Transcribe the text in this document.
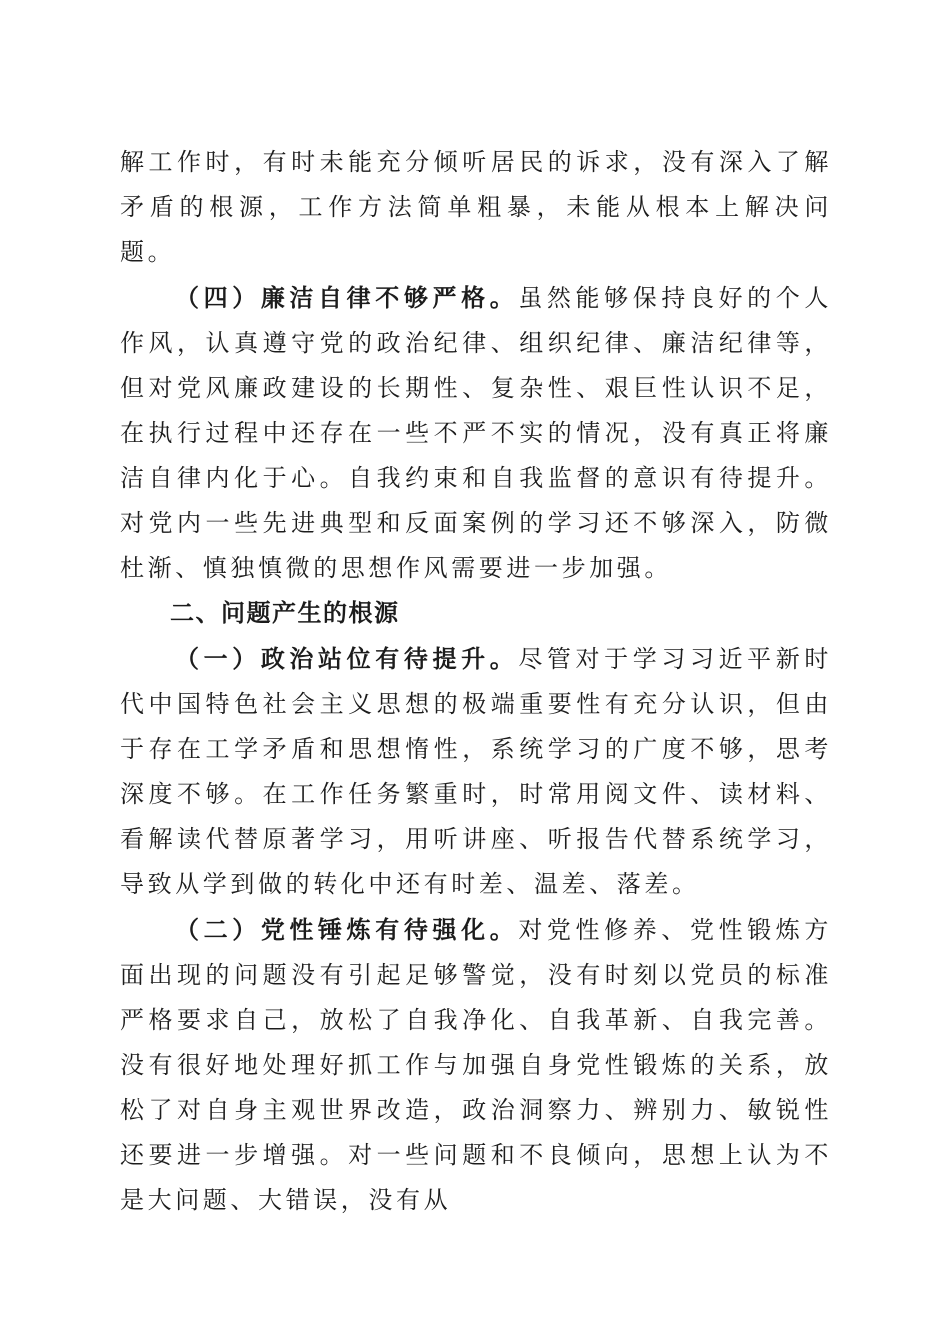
解工作时，有时未能充分倾听居民的诉求，没有深入了解矛盾的根源，工作方法简单粗暴，未能从根本上解决问题。

（四）廉洁自律不够严格。虽然能够保持良好的个人作风，认真遵守党的政治纪律、组织纪律、廉洁纪律等，但对党风廉政建设的长期性、复杂性、艰巨性认识不足，在执行过程中还存在一些不严不实的情况，没有真正将廉洁自律内化于心。自我约束和自我监督的意识有待提升。对党内一些先进典型和反面案例的学习还不够深入，防微杜渐、慎独慎微的思想作风需要进一步加强。

二、问题产生的根源

（一）政治站位有待提升。尽管对于学习习近平新时代中国特色社会主义思想的极端重要性有充分认识，但由于存在工学矛盾和思想惰性，系统学习的广度不够，思考深度不够。在工作任务繁重时，时常用阅文件、读材料、看解读代替原著学习，用听讲座、听报告代替系统学习，导致从学到做的转化中还有时差、温差、落差。

（二）党性锤炼有待强化。对党性修养、党性锻炼方面出现的问题没有引起足够警觉，没有时刻以党员的标准严格要求自己，放松了自我净化、自我革新、自我完善。没有很好地处理好抓工作与加强自身党性锻炼的关系，放松了对自身主观世界改造，政治洞察力、辨别力、敏锐性还要进一步增强。对一些问题和不良倾向，思想上认为不是大问题、大错误，没有从
